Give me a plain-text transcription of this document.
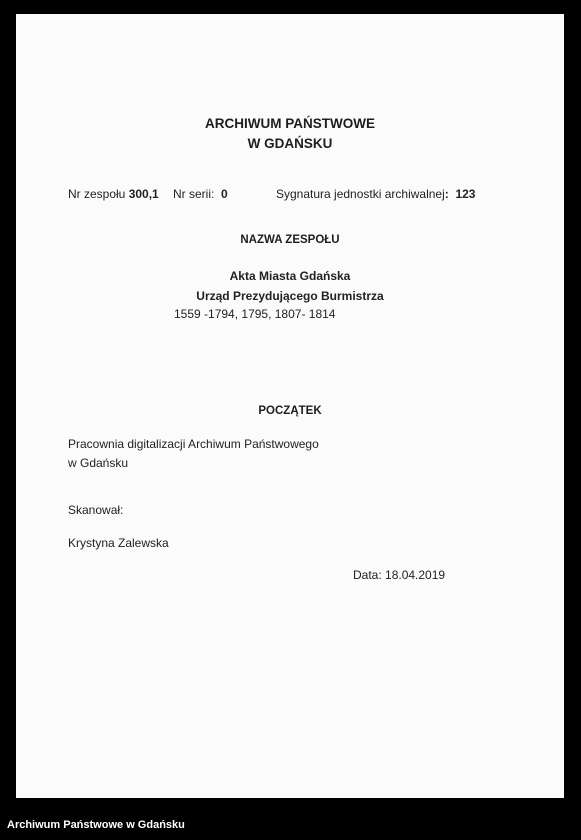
ARCHIWUM PAŃSTWOWE
W GDAŃSKU
Nr zespołu 300,1 Nr serii: 0	Sygnatura jednostki archiwalnej: 123
NAZWA ZESPOŁU
Akta Miasta Gdańska
Urząd Prezydującego Burmistrza
1559 -1794, 1795, 1807- 1814
POCZĄTEK
Pracownia digitalizacji Archiwum Państwowego
w Gdańsku
Skanował:
Krystyna Zalewska
Data: 18.04.2019
Archiwum Państwowe w Gdańsku
